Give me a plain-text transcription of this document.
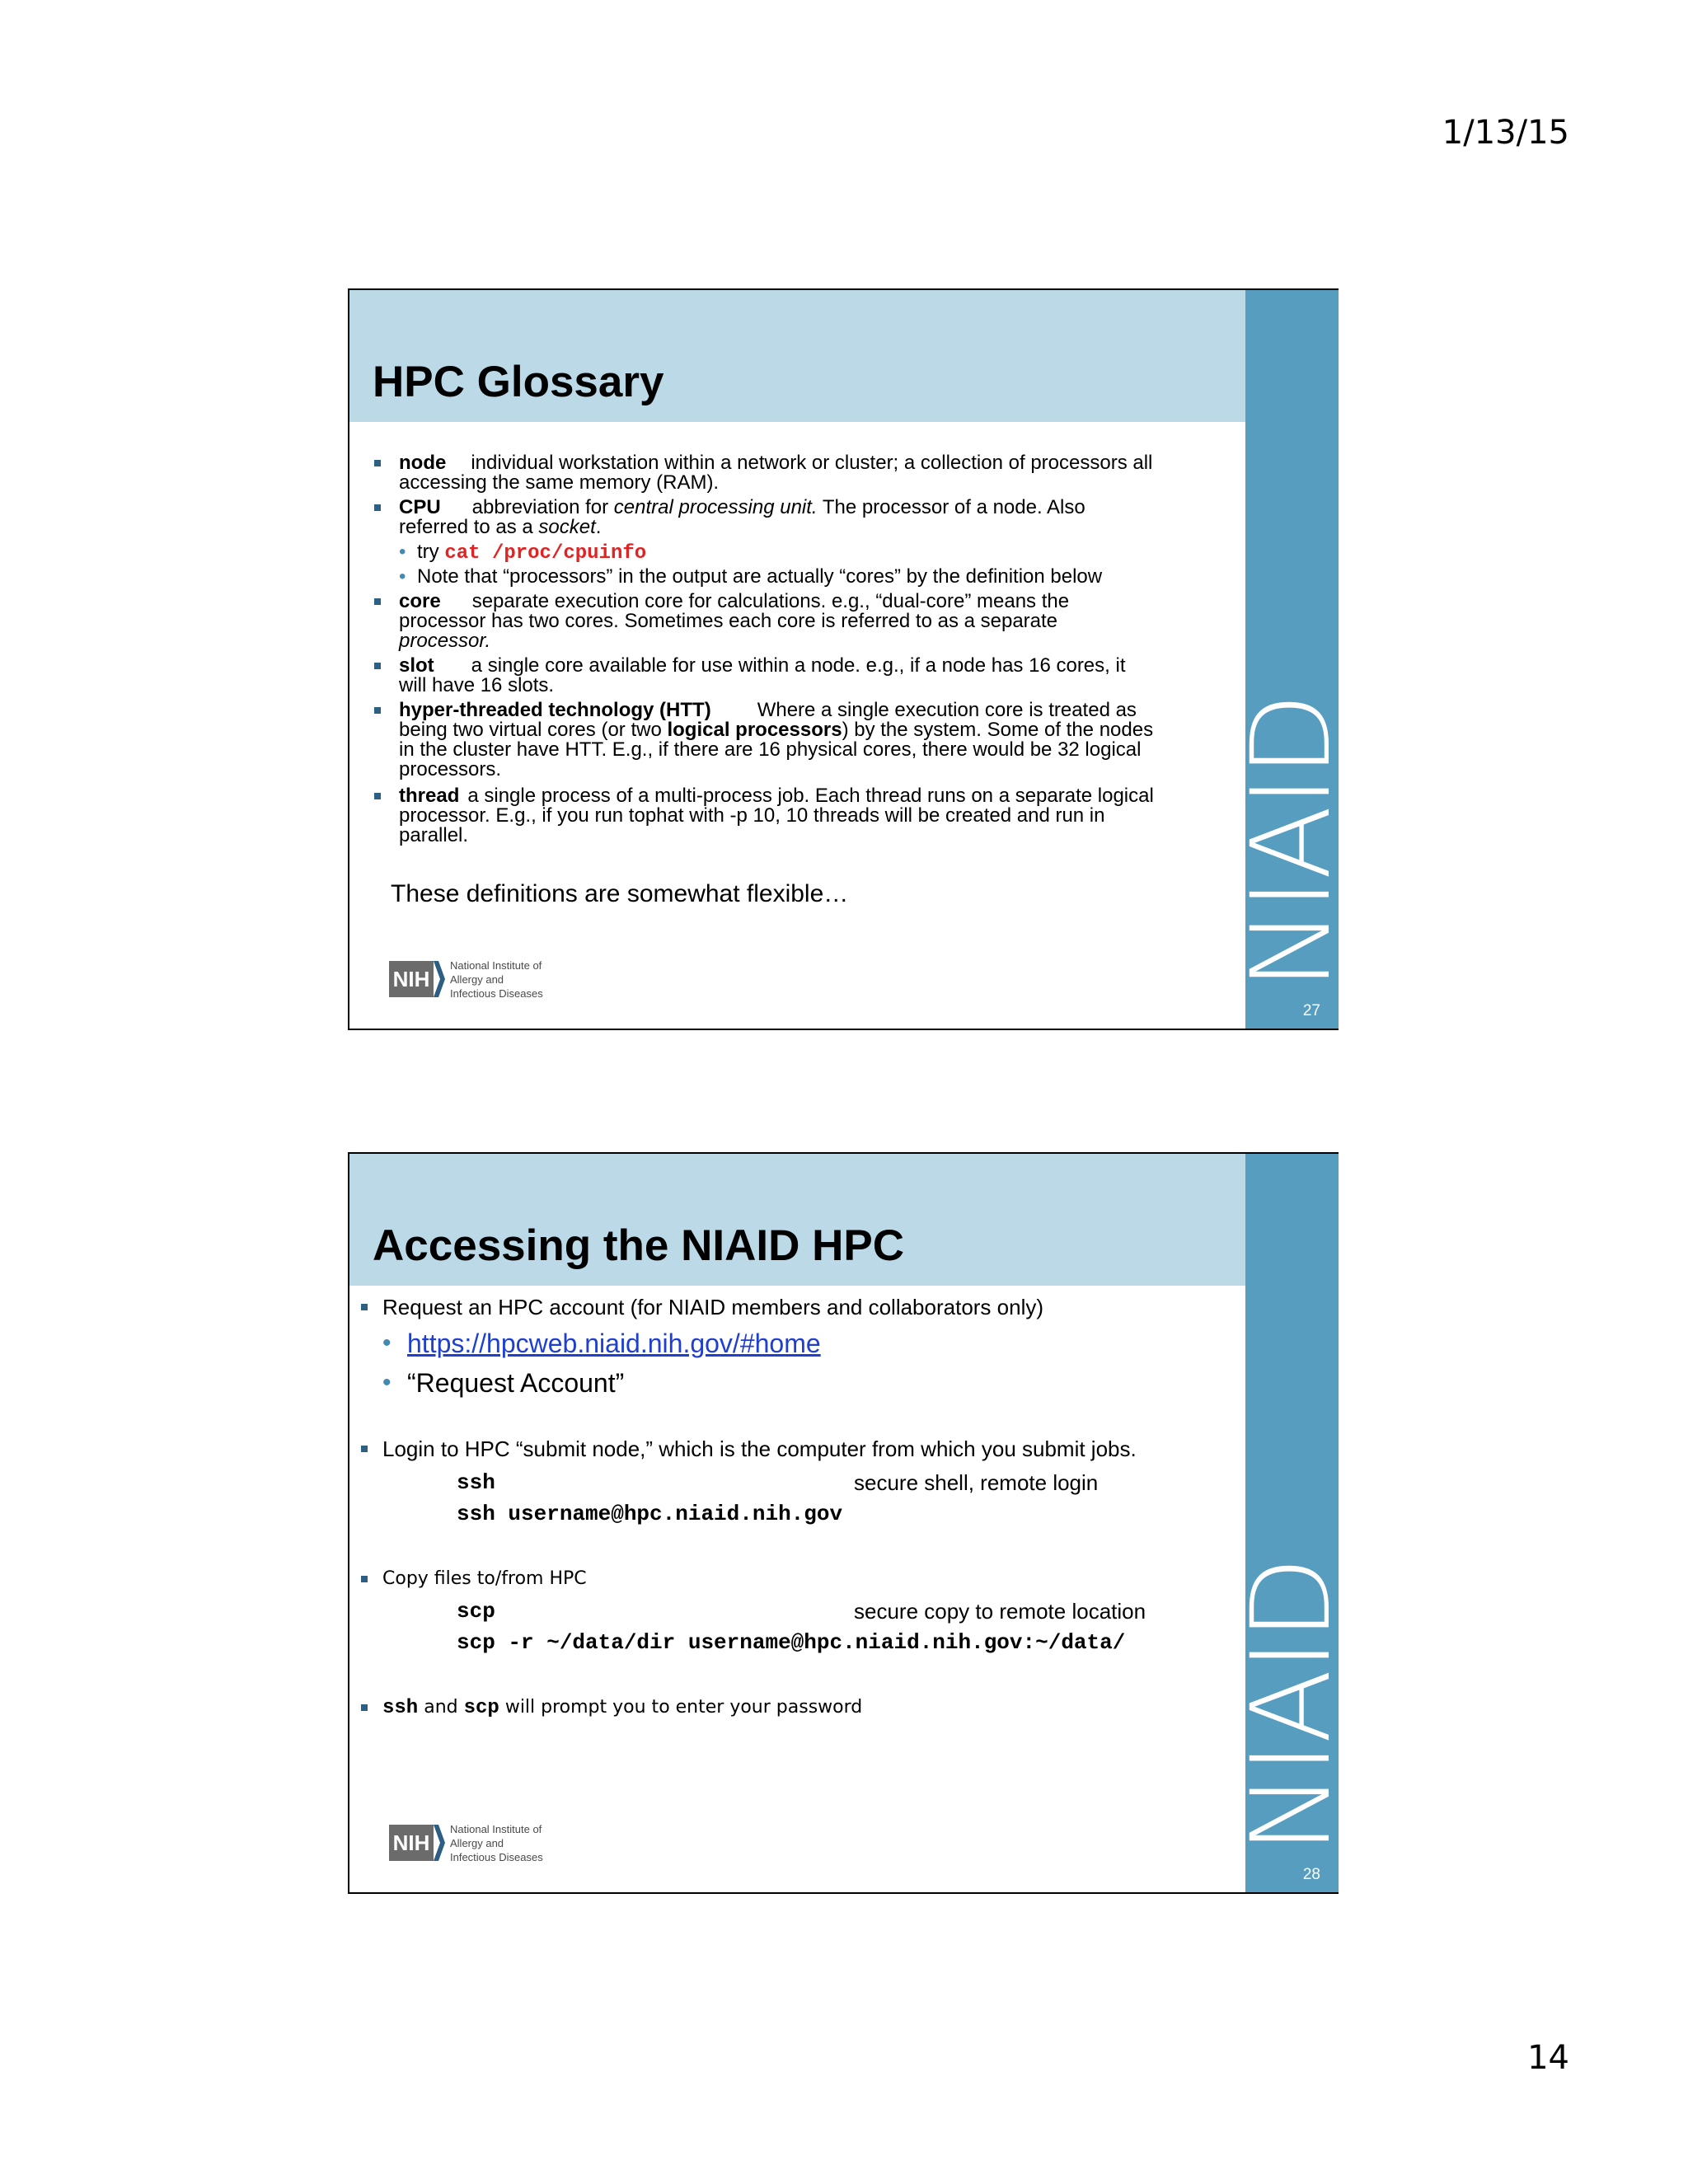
1/13/15
HPC Glossary
NIAID
27
node individual workstation within a network or cluster; a collection of processors all
accessing the same memory (RAM).
CPU abbreviation for central processing unit. The processor of a node. Also
referred to as a socket.
• try cat /proc/cpuinfo
• Note that “processors” in the output are actually “cores” by the definition below
core separate execution core for calculations. e.g., “dual-core” means the
processor has two cores. Sometimes each core is referred to as a separate
processor.
slot a single core available for use within a node. e.g., if a node has 16 cores, it
will have 16 slots.
hyper-threaded technology (HTT) Where a single execution core is treated as
being two virtual cores (or two logical processors) by the system. Some of the nodes
in the cluster have HTT. E.g., if there are 16 physical cores, there would be 32 logical
processors.
thread a single process of a multi-process job. Each thread runs on a separate logical
processor. E.g., if you run tophat with -p 10, 10 threads will be created and run in
parallel.
These definitions are somewhat flexible…
NIH
National Institute of
Allergy and
Infectious Diseases
Accessing the NIAID HPC
NIAID
28
Request an HPC account (for NIAID members and collaborators only)
• https://hpcweb.niaid.nih.gov/#home
• “Request Account”
Login to HPC “submit node,” which is the computer from which you submit jobs.
ssh	secure shell, remote login
ssh username@hpc.niaid.nih.gov
Copy files to/from HPC
scp	secure copy to remote location
scp -r ~/data/dir username@hpc.niaid.nih.gov:~/data/
ssh and scp will prompt you to enter your password
NIH
National Institute of
Allergy and
Infectious Diseases
14
